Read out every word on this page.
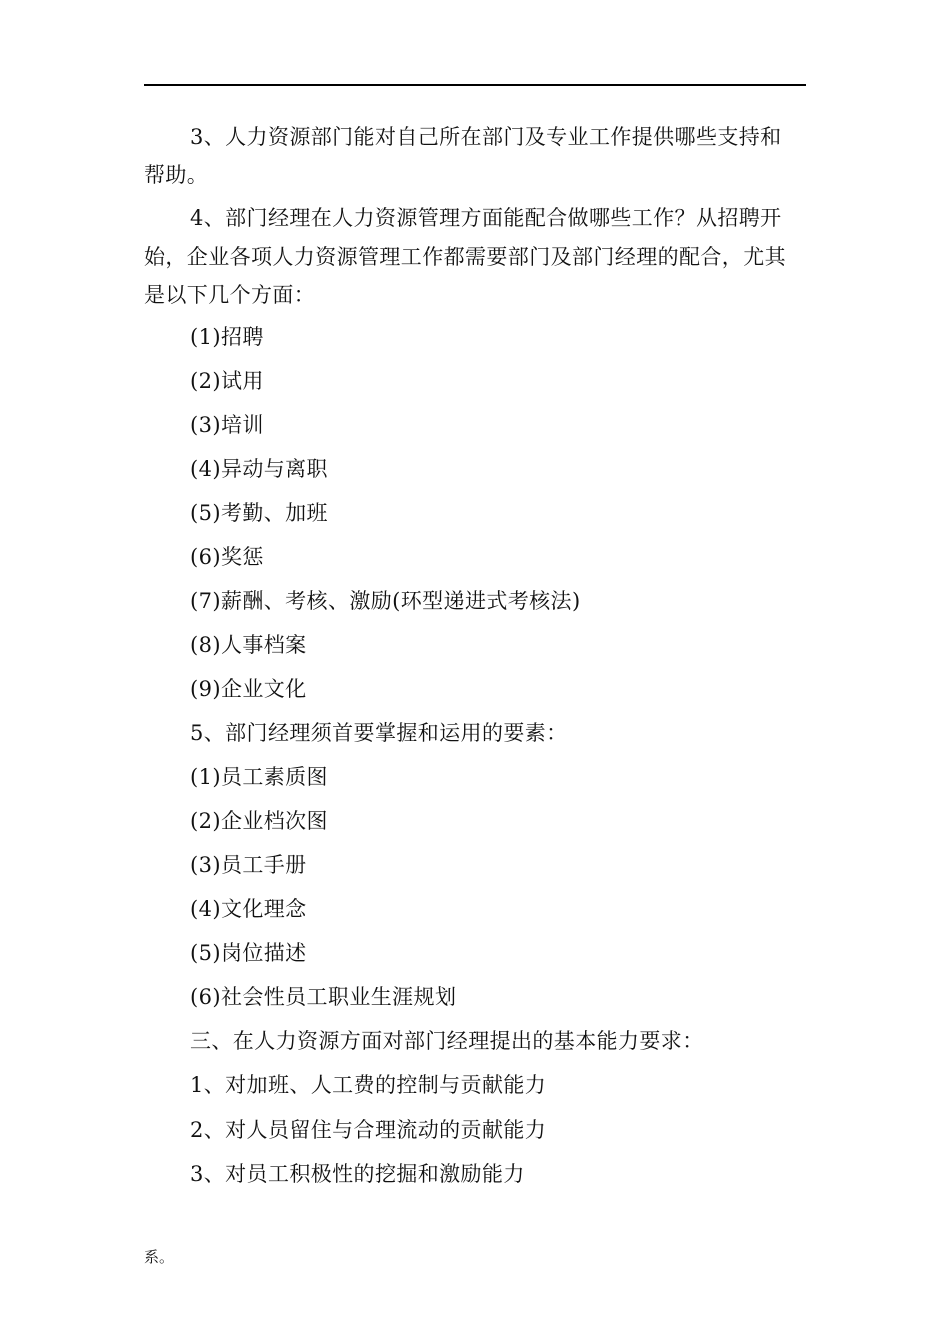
3、人力资源部门能对自己所在部门及专业工作提供哪些支持和
帮助。
4、部门经理在人力资源管理方面能配合做哪些工作？从招聘开
始，企业各项人力资源管理工作都需要部门及部门经理的配合，尤其
是以下几个方面：
(1)招聘
(2)试用
(3)培训
(4)异动与离职
(5)考勤、加班
(6)奖惩
(7)薪酬、考核、激励(环型递进式考核法)
(8)人事档案
(9)企业文化
5、部门经理须首要掌握和运用的要素：
(1)员工素质图
(2)企业档次图
(3)员工手册
(4)文化理念
(5)岗位描述
(6)社会性员工职业生涯规划
三、在人力资源方面对部门经理提出的基本能力要求：
1、对加班、人工费的控制与贡献能力
2、对人员留住与合理流动的贡献能力
3、对员工积极性的挖掘和激励能力
系。
